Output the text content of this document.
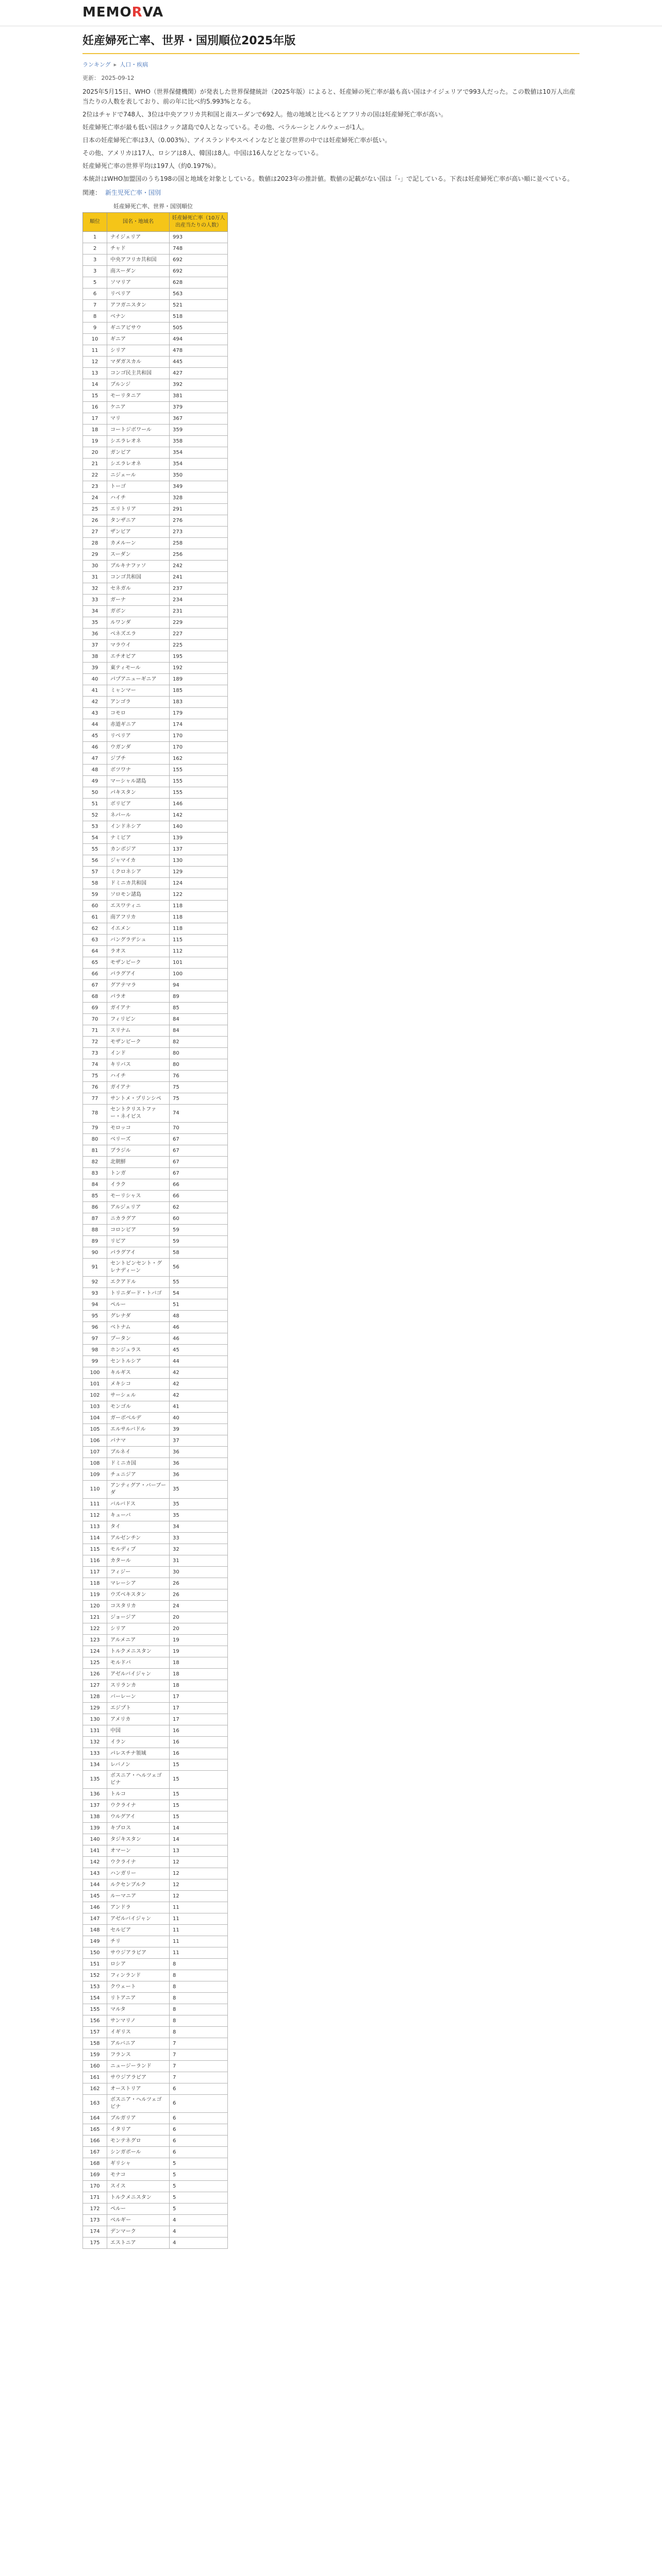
MEMORVA
妊産婦死亡率、世界・国別順位2025年版
ランキング ▸ 人口・疾病
更新： 2025-09-12

2025年5月15日、WHO（世界保健機関）が発表した世界保健統計（2025年版）によると、妊産婦の死亡率が最も高い国はナイジェリアで993人だった。この数値は10万人出産当たりの人数を表しており、前の年に比べ約5.993%となる。

2位はチャドで748人、3位は中央アフリカ共和国と南スーダンで692人。他の地域と比べるとアフリカの国は妊産婦死亡率が高い。

妊産婦死亡率が最も低い国はクック諸島で0人となっている。その他、ベラルーシとノルウェーが1人。

日本の妊産婦死亡率は3人（0.003%）、アイスランドやスペインなどと並び世界の中では妊産婦死亡率が低い。

その他、アメリカは17人、ロシアは8人、韓国は8人。中国は16人などとなっている。

妊産婦死亡率の世界平均は197人（約0.197%）。

本統計はWHO加盟国のうち198の国と地域を対象としている。数値は2023年の推計値。数値の記載がない国は「-」で記している。下表は妊産婦死亡率が高い順に並べている。

関連： 新生児死亡率・国別
妊産婦死亡率、世界・国別順位
順位	国名・地域名	妊産婦死亡率（10万人出産当たりの人数）
1	ナイジェリア	993
2	チャド	748
3	中央アフリカ共和国	692
3	南スーダン	692
5	ソマリア	628
6	リベリア	563
7	アフガニスタン	521
8	ベナン	518
9	ギニアビサウ	505
10	ギニア	494
11	シリア	478
12	マダガスカル	445
13	コンゴ民主共和国	427
14	ブルンジ	392
15	モーリタニア	381
16	ケニア	379
17	マリ	367
18	コートジボワール	359
19	シエラレオネ	358
20	ガンビア	354
21	シエラレオネ	354
22	ニジェール	350
23	トーゴ	349
24	ハイチ	328
25	エリトリア	291
26	タンザニア	276
27	ザンビア	273
28	カメルーン	258
29	スーダン	256
30	ブルキナファソ	242
31	コンゴ共和国	241
32	セネガル	237
33	ガーナ	234
34	ガボン	231
35	ルワンダ	229
36	ベネズエラ	227
37	マラウイ	225
38	エチオピア	195
39	東ティモール	192
40	パプアニューギニア	189
41	ミャンマー	185
42	アンゴラ	183
43	コモロ	179
44	赤道ギニア	174
45	リベリア	170
46	ウガンダ	170
47	ジブチ	162
48	ボツワナ	155
49	マーシャル諸島	155
50	パキスタン	155
51	ボリビア	146
52	ネパール	142
53	インドネシア	140
54	ナミビア	139
55	カンボジア	137
56	ジャマイカ	130
57	ミクロネシア	129
58	ドミニカ共和国	124
59	ソロモン諸島	122
60	エスワティニ	118
61	南アフリカ	118
62	イエメン	118
63	バングラデシュ	115
64	ラオス	112
65	モザンビーク	101
66	パラグアイ	100
67	グアテマラ	94
68	パラオ	89
69	ガイアナ	85
70	フィリピン	84
71	スリナム	84
72	モザンビーク	82
73	インド	80
74	キリバス	80
75	ハイチ	76
76	ガイアナ	75
77	サントメ・プリンシペ	75
78	セントクリストファー・ネイビス	74
79	モロッコ	70
80	ベリーズ	67
81	ブラジル	67
82	北朝鮮	67
83	トンガ	67
84	イラク	66
85	モーリシャス	66
86	アルジェリア	62
87	ニカラグア	60
88	コロンビア	59
89	リビア	59
90	パラグアイ	58
91	セントビンセント・グレナディーン	56
92	エクアドル	55
93	トリニダード・トバゴ	54
94	ペルー	51
95	グレナダ	48
96	ベトナム	46
97	ブータン	46
98	ホンジュラス	45
99	セントルシア	44
100	キルギス	42
101	メキシコ	42
102	サーシェル	42
103	モンゴル	41
104	ガーボベルデ	40
105	エルサルバドル	39
106	パナマ	37
107	ブルネイ	36
108	ドミニカ国	36
109	チュニジア	36
110	アンティグア・バーブーダ	35
111	バルバドス	35
112	キューバ	35
113	タイ	34
114	アルゼンチン	33
115	モルディブ	32
116	カタール	31
117	フィジー	30
118	マレーシア	26
119	ウズベキスタン	26
120	コスタリカ	24
121	ジョージア	20
122	シリア	20
123	アルメニア	19
124	トルクメニスタン	19
125	モルドバ	18
126	アゼルバイジャン	18
127	スリランカ	18
128	バーレーン	17
129	エジプト	17
130	アメリカ	17
131	中国	16
132	イラン	16
133	パレスチナ領域	16
134	レバノン	15
135	ボスニア・ヘルツェゴビナ	15
136	トルコ	15
137	ウクライナ	15
138	ウルグアイ	15
139	キプロス	14
140	タジキスタン	14
141	オマーン	13
142	ウクライナ	12
143	ハンガリー	12
144	ルクセンブルク	12
145	ルーマニア	12
146	アンドラ	11
147	アゼルバイジャン	11
148	セルビア	11
149	チリ	11
150	サウジアラビア	11
151	ロシア	8
152	フィンランド	8
153	クウェート	8
154	リトアニア	8
155	マルタ	8
156	サンマリノ	8
157	イギリス	8
158	アルバニア	7
159	フランス	7
160	ニュージーランド	7
161	サウジアラビア	7
162	オーストリア	6
163	ボスニア・ヘルツェゴビナ	6
164	ブルガリア	6
165	イタリア	6
166	モンテネグロ	6
167	シンガポール	6
168	ギリシャ	5
169	モナコ	5
170	スイス	5
171	トルクメニスタン	5
172	ペルー	5
173	ベルギー	4
174	デンマーク	4
175	エストニア	4
